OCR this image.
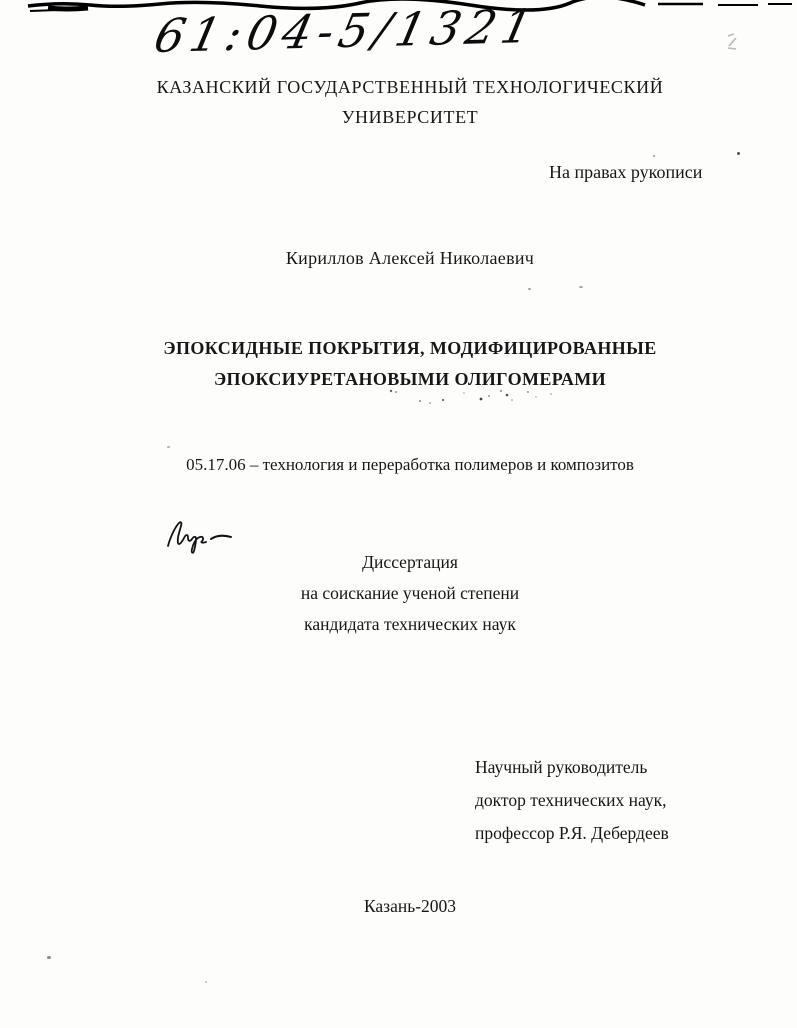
61:04-5/1321
КАЗАНСКИЙ ГОСУДАРСТВЕННЫЙ ТЕХНОЛОГИЧЕСКИЙ
УНИВЕРСИТЕТ
На правах рукописи
Кириллов Алексей Николаевич
ЭПОКСИДНЫЕ ПОКРЫТИЯ, МОДИФИЦИРОВАННЫЕ
ЭПОКСИУРЕТАНОВЫМИ ОЛИГОМЕРАМИ
05.17.06 – технология и переработка полимеров и композитов
Диссертация
на соискание ученой степени
кандидата технических наук
Научный руководитель
доктор технических наук,
профессор Р.Я. Дебердеев
Казань-2003
